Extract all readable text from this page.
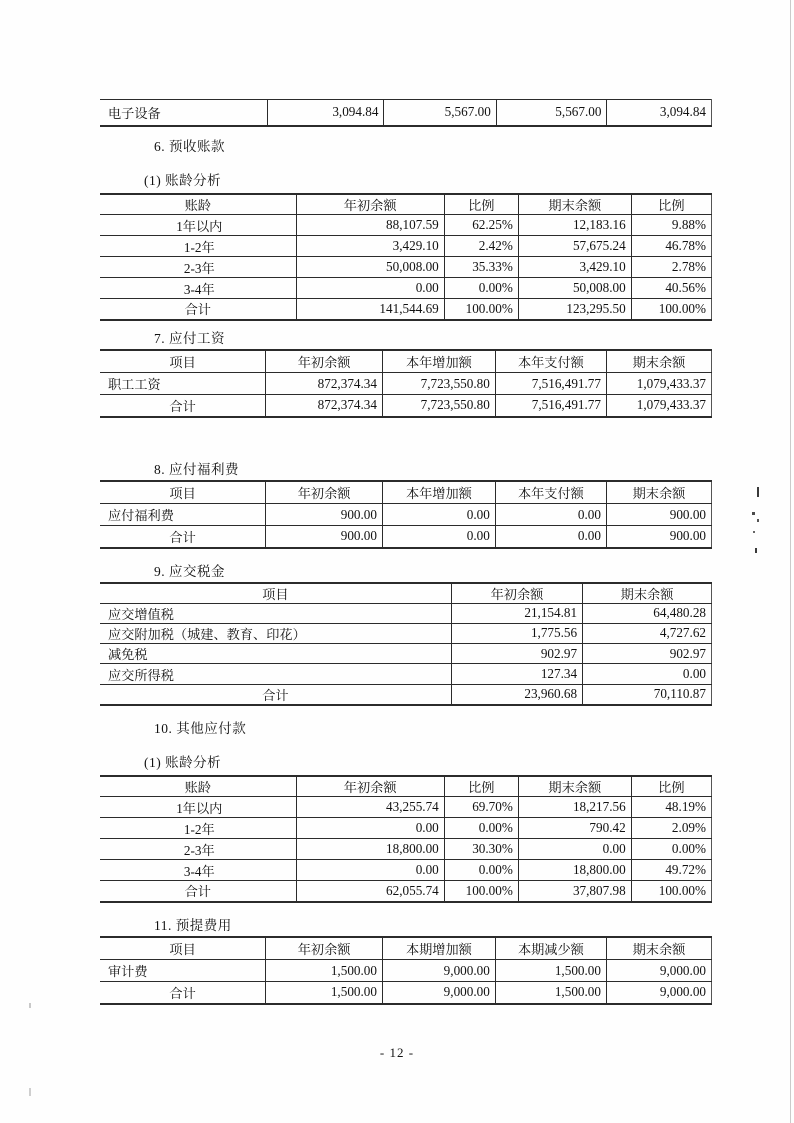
电子设备	3,094.84	5,567.00	5,567.00	3,094.84
6. 预收账款
(1) 账龄分析
账龄	年初余额	比例	期末余额	比例
1年以内	88,107.59	62.25%	12,183.16	9.88%
1-2年	3,429.10	2.42%	57,675.24	46.78%
2-3年	50,008.00	35.33%	3,429.10	2.78%
3-4年	0.00	0.00%	50,008.00	40.56%
合计	141,544.69	100.00%	123,295.50	100.00%
7. 应付工资
项目	年初余额	本年增加额	本年支付额	期末余额
职工工资	872,374.34	7,723,550.80	7,516,491.77	1,079,433.37
合计	872,374.34	7,723,550.80	7,516,491.77	1,079,433.37
8. 应付福利费
项目	年初余额	本年增加额	本年支付额	期末余额
应付福利费	900.00	0.00	0.00	900.00
合计	900.00	0.00	0.00	900.00
9. 应交税金
项目	年初余额	期末余额
应交增值税	21,154.81	64,480.28
应交附加税（城建、教育、印花）	1,775.56	4,727.62
减免税	902.97	902.97
应交所得税	127.34	0.00
合计	23,960.68	70,110.87
10. 其他应付款
(1) 账龄分析
账龄	年初余额	比例	期末余额	比例
1年以内	43,255.74	69.70%	18,217.56	48.19%
1-2年	0.00	0.00%	790.42	2.09%
2-3年	18,800.00	30.30%	0.00	0.00%
3-4年	0.00	0.00%	18,800.00	49.72%
合计	62,055.74	100.00%	37,807.98	100.00%
11. 预提费用
项目	年初余额	本期增加额	本期减少额	期末余额
审计费	1,500.00	9,000.00	1,500.00	9,000.00
合计	1,500.00	9,000.00	1,500.00	9,000.00
- 12 -
